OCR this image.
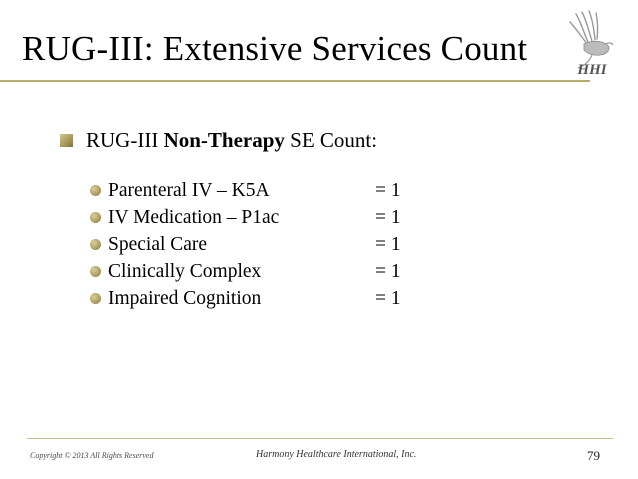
RUG-III: Extensive Services Count
HHI
RUG-III Non-Therapy SE Count:
Parenteral IV – K5A	= 1
IV Medication – P1ac	= 1
Special Care	= 1
Clinically Complex	= 1
Impaired Cognition	= 1
Copyright © 2013 All Rights Reserved	Harmony Healthcare International, Inc.	79
